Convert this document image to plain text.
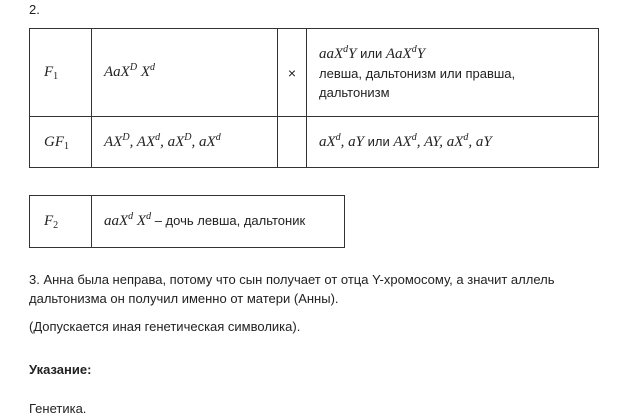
2.
$F_1$	AaX$^D$ $X^d$	×	aaX$^d$Y или AaX$^d$Y
левша, дальтонизм или правша,
дальтонизм

$GF_1$	$AX^D$, $AX^d$, $aX^D$, $aX^d$		$aX^d$, aY или $AX^d$, AY, $aX^d$, aY
$F_2$	aaX$^d$ $X^d$ – дочь левша, дальтоник

3. Анна была неправа, потому что сын получает от отца Y-хромосому, а значит аллель дальтонизма он получил именно от матери (Анны).

(Допускается иная генетическая символика).

Указание:

Генетика.
